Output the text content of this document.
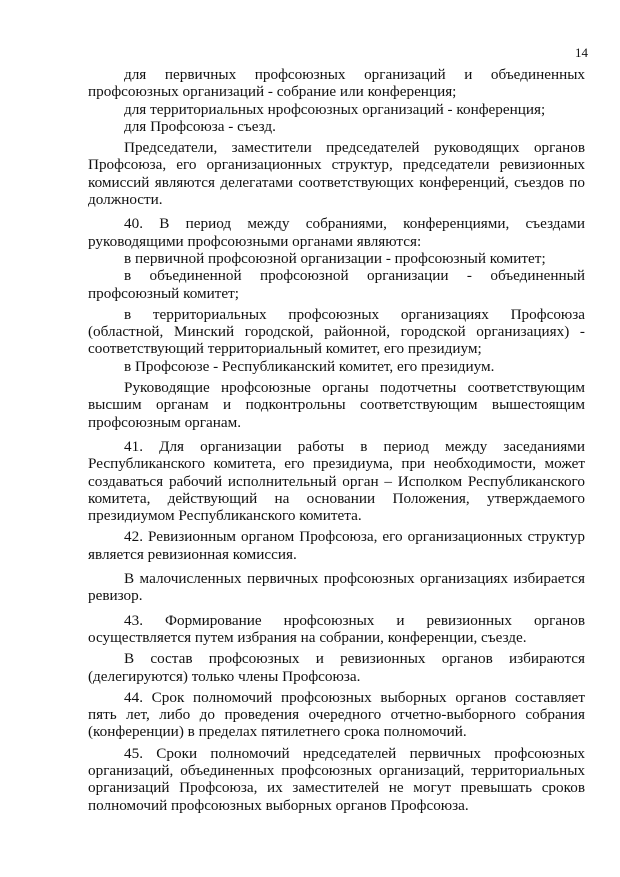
14

для первичных профсоюзных организаций и объединенных профсоюзных организаций - собрание или конференция;

для территориальных нрофсоюзных организаций - конференция;

для Профсоюза - съезд.

Председатели, заместители председателей руководящих органов Профсоюза, его организационных структур, председатели ревизионных комиссий являются делегатами соответствующих конференций, съездов по должности.

40. В период между собраниями, конференциями, съездами руководящими профсоюзными органами являются:

в первичной профсоюзной организации - профсоюзный комитет;

в объединенной профсоюзной организации - объединенный профсоюзный комитет;

в территориальных профсоюзных организациях Профсоюза (областной, Минский городской, районной, городской организациях) - соответствующий территориальный комитет, его президиум;

в Профсоюзе - Республиканский комитет, его президиум.

Руководящие нрофсоюзные органы подотчетны соответствующим высшим органам и подконтрольны соответствующим вышестоящим профсоюзным органам.

41. Для организации работы в период между заседаниями Республиканского комитета, его президиума, при необходимости, может создаваться рабочий исполнительный орган – Исполком Республиканского комитета, действующий на основании Положения, утверждаемого президиумом Республиканского комитета.

42. Ревизионным органом Профсоюза, его организационных структур является ревизионная комиссия.

В малочисленных первичных профсоюзных организациях избирается ревизор.

43. Формирование нрофсоюзных и ревизионных органов осуществляется путем избрания на собрании, конференции, съезде.

В состав профсоюзных и ревизионных органов избираются (делегируются) только члены Профсоюза.

44. Срок полномочий профсоюзных выборных органов составляет пять лет, либо до проведения очередного отчетно-выборного собрания (конференции) в пределах пятилетнего срока полномочий.

45. Сроки полномочий нредседателей первичных профсоюзных организаций, объединенных профсоюзных организаций, территориальных организаций Профсоюза, их заместителей не могут превышать сроков полномочий профсоюзных выборных органов Профсоюза.
